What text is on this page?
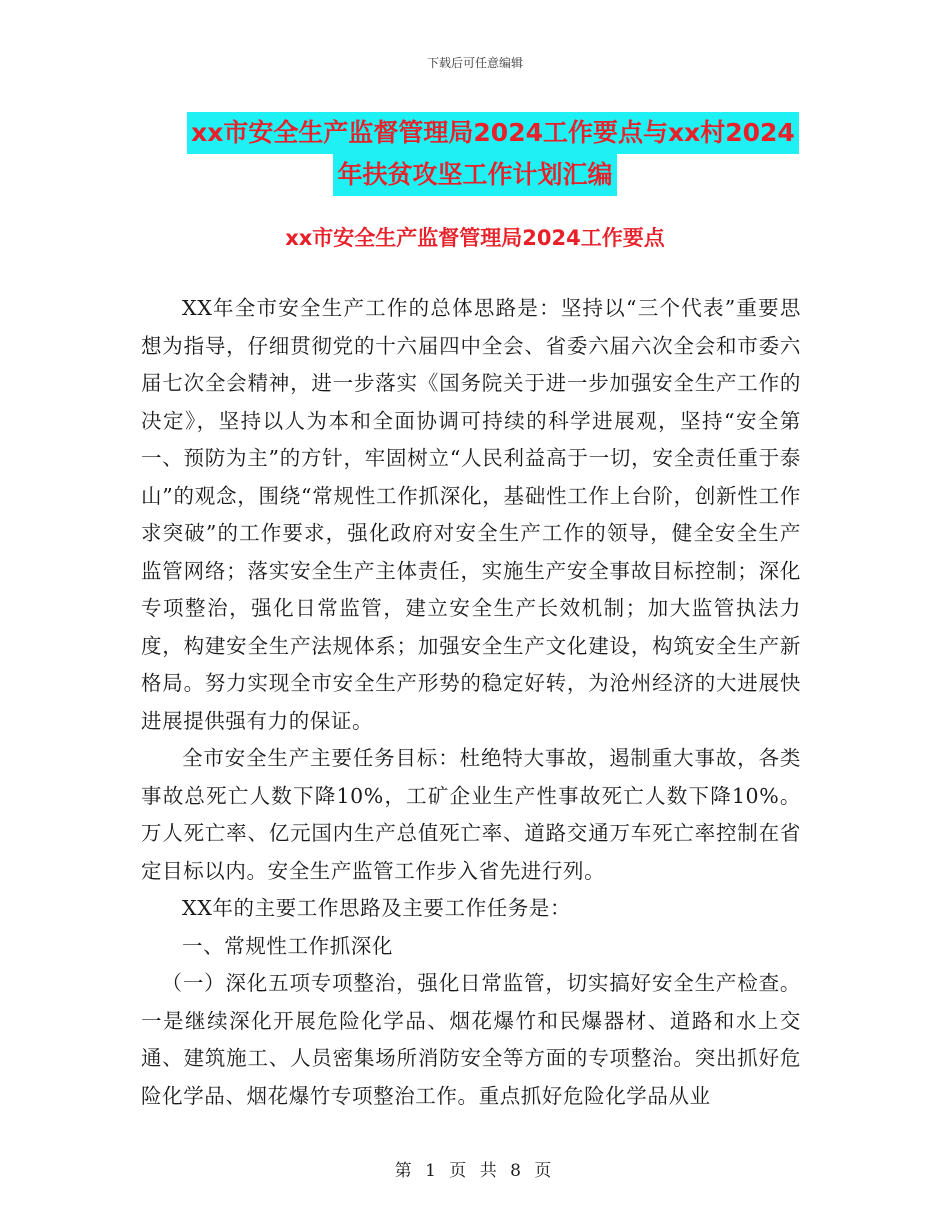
下载后可任意编辑
xx市安全生产监督管理局2024工作要点与xx村2024
年扶贫攻坚工作计划汇编
xx市安全生产监督管理局2024工作要点

XX年全市安全生产工作的总体思路是：坚持以“三个代表”重要思想为指导，仔细贯彻党的十六届四中全会、省委六届六次全会和市委六届七次全会精神，进一步落实《国务院关于进一步加强安全生产工作的决定》，坚持以人为本和全面协调可持续的科学进展观，坚持“安全第一、预防为主”的方针，牢固树立“人民利益高于一切，安全责任重于泰山”的观念，围绕“常规性工作抓深化，基础性工作上台阶，创新性工作求突破”的工作要求，强化政府对安全生产工作的领导，健全安全生产监管网络；落实安全生产主体责任，实施生产安全事故目标控制；深化专项整治，强化日常监管，建立安全生产长效机制；加大监管执法力度，构建安全生产法规体系；加强安全生产文化建设，构筑安全生产新格局。努力实现全市安全生产形势的稳定好转，为沧州经济的大进展快进展提供强有力的保证。

全市安全生产主要任务目标：杜绝特大事故，遏制重大事故，各类事故总死亡人数下降10%，工矿企业生产性事故死亡人数下降10%。万人死亡率、亿元国内生产总值死亡率、道路交通万车死亡率控制在省定目标以内。安全生产监管工作步入省先进行列。

XX年的主要工作思路及主要工作任务是：

一、常规性工作抓深化

（一）深化五项专项整治，强化日常监管，切实搞好安全生产检查。一是继续深化开展危险化学品、烟花爆竹和民爆器材、道路和水上交通、建筑施工、人员密集场所消防安全等方面的专项整治。突出抓好危险化学品、烟花爆竹专项整治工作。重点抓好危险化学品从业

第 1 页 共 8 页
